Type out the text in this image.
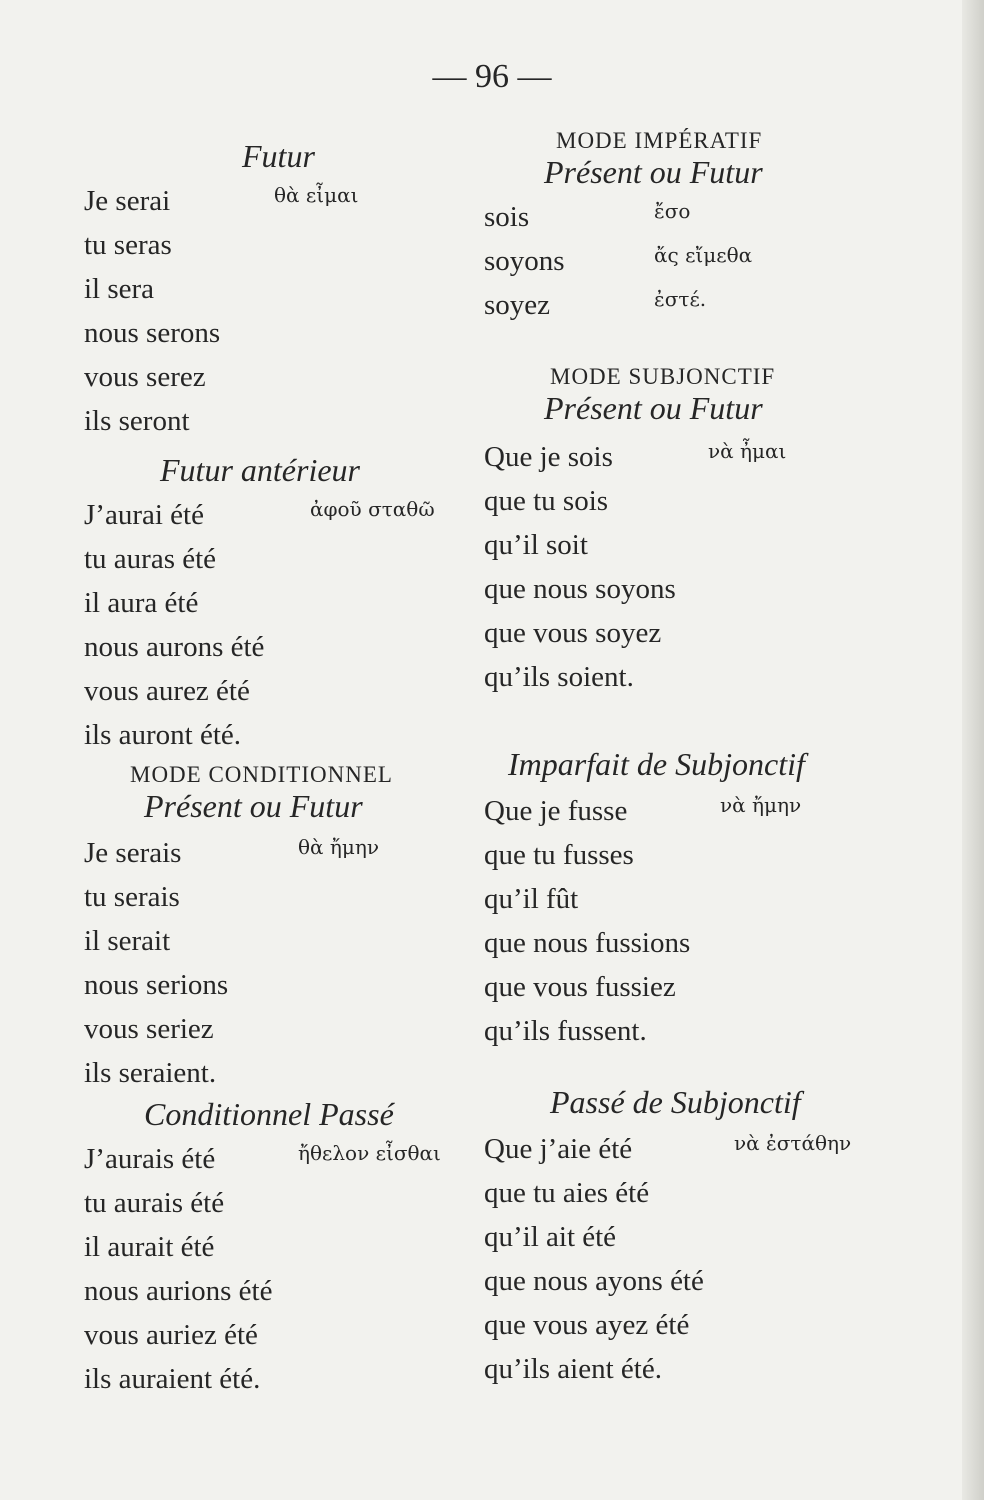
— 96 —
Futur
Je serai	θὰ εἶμαι
tu seras
il sera
nous serons
vous serez
ils seront
Futur antérieur
J’aurai été	ἀφοῦ σταθῶ
tu auras été
il aura été
nous aurons été
vous aurez été
ils auront été.
MODE CONDITIONNEL
Présent ou Futur
Je serais	θὰ ἤμην
tu serais
il serait
nous serions
vous seriez
ils seraient.
Conditionnel Passé
J’aurais été	ἤθελον εἶσθαι
tu aurais été
il aurait été
nous aurions été
vous auriez été
ils auraient été.
MODE IMPÉRATIF
Présent ou Futur
sois	ἔσο
soyons	ἄς εἴμεθα
soyez	ἐστέ.
MODE SUBJONCTIF
Présent ou Futur
Que je sois	νὰ ἦμαι
que tu sois
qu’il soit
que nous soyons
que vous soyez
qu’ils soient.
Imparfait de Subjonctif
Que je fusse	νὰ ἤμην
que tu fusses
qu’il fût
que nous fussions
que vous fussiez
qu’ils fussent.
Passé de Subjonctif
Que j’aie été	νὰ ἐστάθην
que tu aies été
qu’il ait été
que nous ayons été
que vous ayez été
qu’ils aient été.
